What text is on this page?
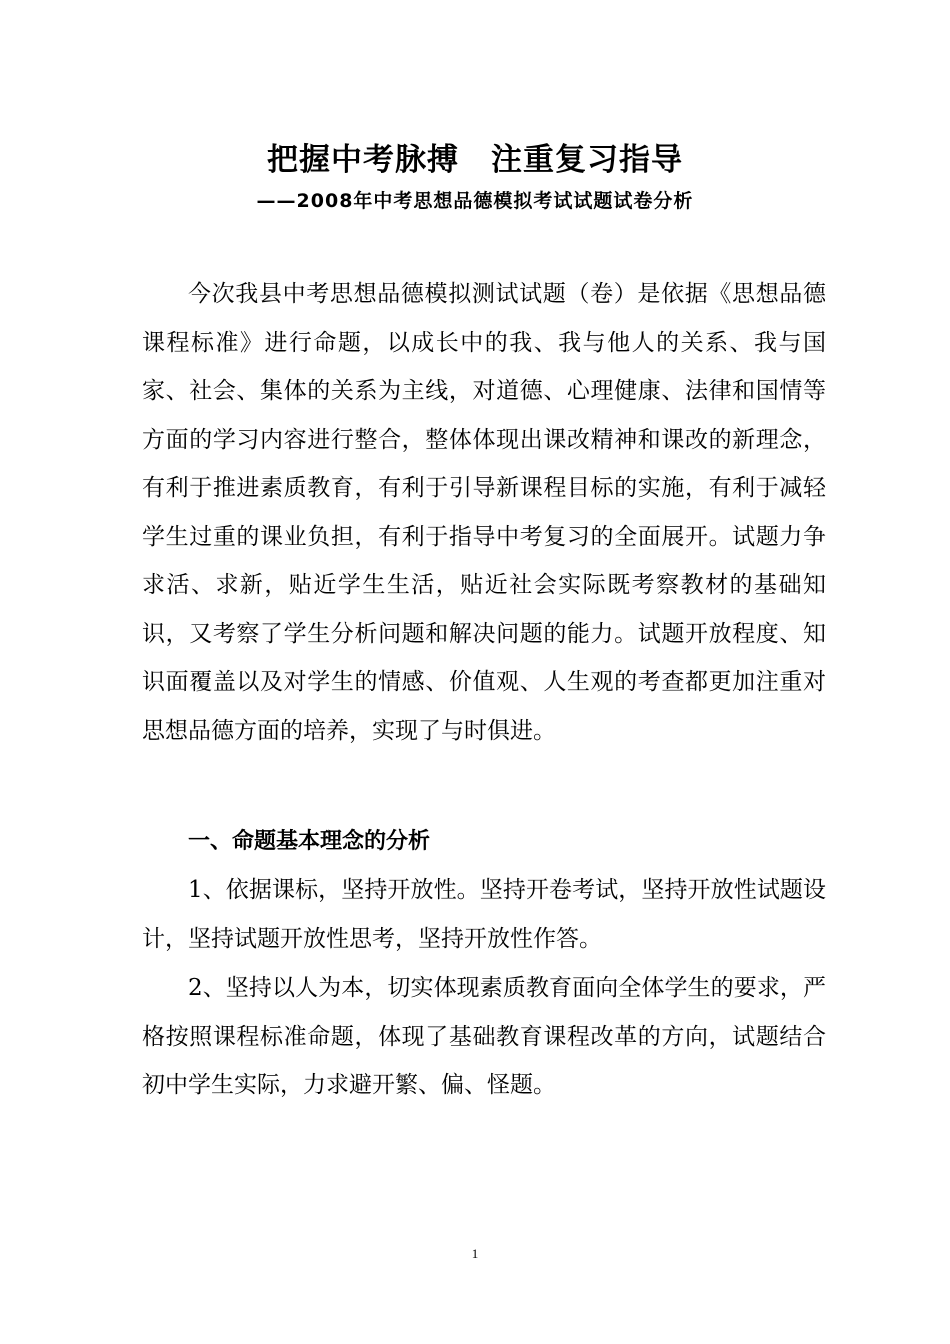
把握中考脉搏　注重复习指导
——2008年中考思想品德模拟考试试题试卷分析

今次我县中考思想品德模拟测试试题（卷）是依据《思想品德课程标准》进行命题，以成长中的我、我与他人的关系、我与国家、社会、集体的关系为主线，对道德、心理健康、法律和国情等方面的学习内容进行整合，整体体现出课改精神和课改的新理念，有利于推进素质教育，有利于引导新课程目标的实施，有利于减轻学生过重的课业负担，有利于指导中考复习的全面展开。试题力争求活、求新，贴近学生生活，贴近社会实际既考察教材的基础知识，又考察了学生分析问题和解决问题的能力。试题开放程度、知识面覆盖以及对学生的情感、价值观、人生观的考查都更加注重对思想品德方面的培养，实现了与时俱进。

一、命题基本理念的分析

1、依据课标，坚持开放性。坚持开卷考试，坚持开放性试题设计，坚持试题开放性思考，坚持开放性作答。

2、坚持以人为本，切实体现素质教育面向全体学生的要求，严格按照课程标准命题，体现了基础教育课程改革的方向，试题结合初中学生实际，力求避开繁、偏、怪题。

1
